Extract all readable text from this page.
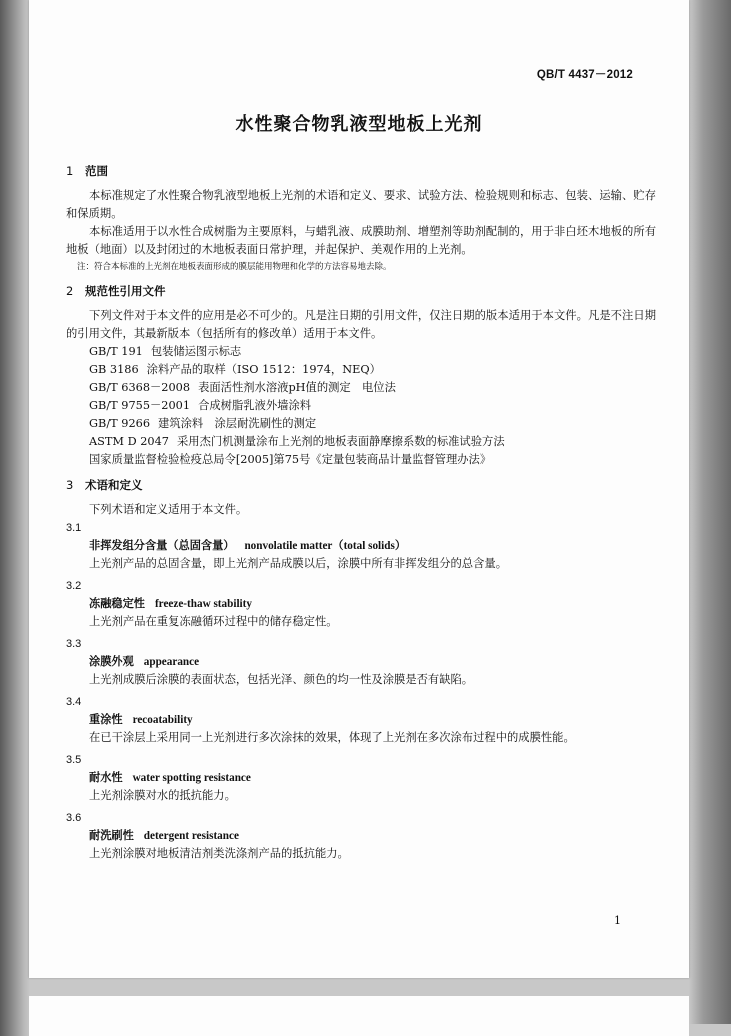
QB/T 4437－2012
水性聚合物乳液型地板上光剂
1 范围
本标准规定了水性聚合物乳液型地板上光剂的术语和定义、要求、试验方法、检验规则和标志、包装、运输、贮存和保质期。
本标准适用于以水性合成树脂为主要原料，与蜡乳液、成膜助剂、增塑剂等助剂配制的，用于非白坯木地板的所有地板（地面）以及封闭过的木地板表面日常护理，并起保护、美观作用的上光剂。
注：符合本标准的上光剂在地板表面形成的膜层能用物理和化学的方法容易地去除。
2 规范性引用文件
下列文件对于本文件的应用是必不可少的。凡是注日期的引用文件，仅注日期的版本适用于本文件。凡是不注日期的引用文件，其最新版本（包括所有的修改单）适用于本文件。
GB/T 191 包装储运图示标志
GB 3186 涂料产品的取样（ISO 1512：1974，NEQ）
GB/T 6368－2008 表面活性剂水溶液pH值的测定　电位法
GB/T 9755－2001 合成树脂乳液外墙涂料
GB/T 9266 建筑涂料　涂层耐洗刷性的测定
ASTM D 2047 采用杰门机测量涂布上光剂的地板表面静摩擦系数的标准试验方法
国家质量监督检验检疫总局令[2005]第75号《定量包装商品计量监督管理办法》
3 术语和定义
下列术语和定义适用于本文件。
3.1
非挥发组分含量（总固含量） nonvolatile matter（total solids）
上光剂产品的总固含量，即上光剂产品成膜以后，涂膜中所有非挥发组分的总含量。
3.2
冻融稳定性 freeze-thaw stability
上光剂产品在重复冻融循环过程中的储存稳定性。
3.3
涂膜外观 appearance
上光剂成膜后涂膜的表面状态，包括光泽、颜色的均一性及涂膜是否有缺陷。
3.4
重涂性 recoatability
在已干涂层上采用同一上光剂进行多次涂抹的效果，体现了上光剂在多次涂布过程中的成膜性能。
3.5
耐水性 water spotting resistance
上光剂涂膜对水的抵抗能力。
3.6
耐洗刷性 detergent resistance
上光剂涂膜对地板清洁剂类洗涤剂产品的抵抗能力。
1
